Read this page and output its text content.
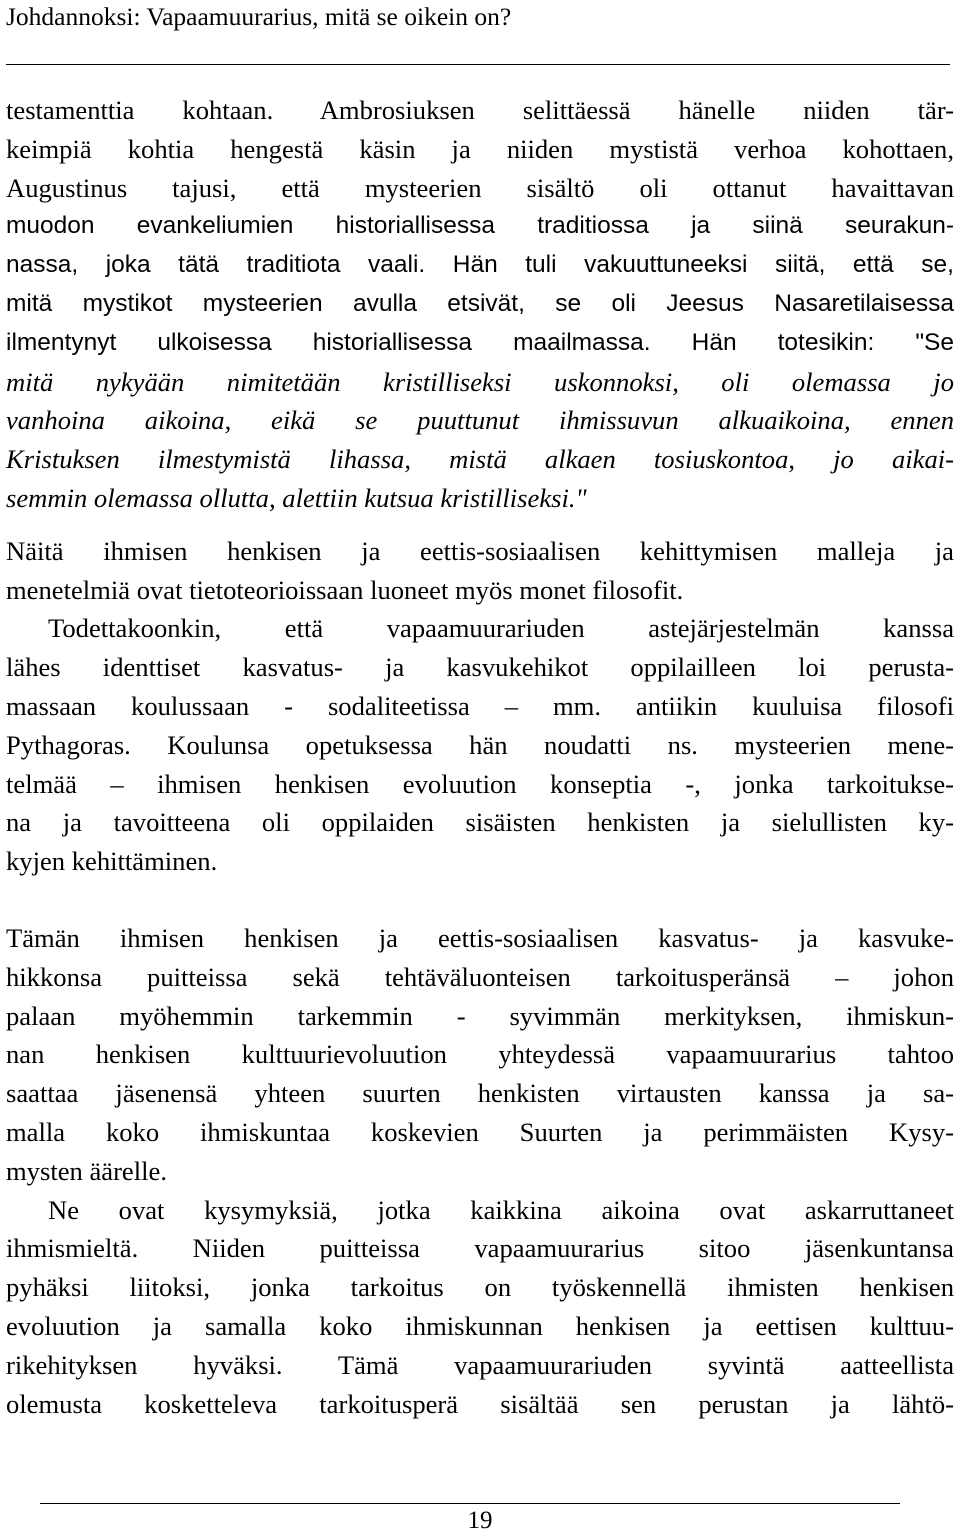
Johdannoksi: Vapaamuurarius, mitä se oikein on?
testamenttia kohtaan. Ambrosiuksen selittäessä hänelle niiden tär-
keimpiä kohtia hengestä käsin ja niiden mystistä verhoa kohottaen,
Augustinus tajusi, että mysteerien sisältö oli ottanut havaittavan
muodon evankeliumien historiallisessa traditiossa ja siinä seurakun-
nassa, joka tätä traditiota vaali. Hän tuli vakuuttuneeksi siitä, että se,
mitä mystikot mysteerien avulla etsivät, se oli Jeesus Nasaretilaisessa
ilmentynyt ulkoisessa historiallisessa maailmassa. Hän totesikin: "Se
mitä nykyään nimitetään kristilliseksi uskonnoksi, oli olemassa jo
vanhoina aikoina, eikä se puuttunut ihmissuvun alkuaikoina, ennen
Kristuksen ilmestymistä lihassa, mistä alkaen tosiuskontoa, jo aikai-
semmin olemassa ollutta, alettiin kutsua kristilliseksi."
Näitä ihmisen henkisen ja eettis-sosiaalisen kehittymisen malleja ja
menetelmiä ovat tietoteorioissaan luoneet myös monet filosofit.
Todettakoonkin, että vapaamuurariuden astejärjestelmän kanssa
lähes identtiset kasvatus- ja kasvukehikot oppilailleen loi perusta-
massaan koulussaan - sodaliteetissa – mm. antiikin kuuluisa filosofi
Pythagoras. Koulunsa opetuksessa hän noudatti ns. mysteerien mene-
telmää – ihmisen henkisen evoluution konseptia -, jonka tarkoitukse-
na ja tavoitteena oli oppilaiden sisäisten henkisten ja sielullisten ky-
kyjen kehittäminen.
Tämän ihmisen henkisen ja eettis-sosiaalisen kasvatus- ja kasvuke-
hikkonsa puitteissa sekä tehtäväluonteisen tarkoitusperänsä – johon
palaan myöhemmin tarkemmin - syvimmän merkityksen, ihmiskun-
nan henkisen kulttuurievoluution yhteydessä vapaamuurarius tahtoo
saattaa jäsenensä yhteen suurten henkisten virtausten kanssa ja sa-
malla koko ihmiskuntaa koskevien Suurten ja perimmäisten Kysy-
mysten äärelle.
Ne ovat kysymyksiä, jotka kaikkina aikoina ovat askarruttaneet
ihmismieltä. Niiden puitteissa vapaamuurarius sitoo jäsenkuntansa
pyhäksi liitoksi, jonka tarkoitus on työskennellä ihmisten henkisen
evoluution ja samalla koko ihmiskunnan henkisen ja eettisen kulttuu-
rikehityksen hyväksi. Tämä vapaamuurariuden syvintä aatteellista
olemusta kosketteleva tarkoitusperä sisältää sen perustan ja lähtö-
19
